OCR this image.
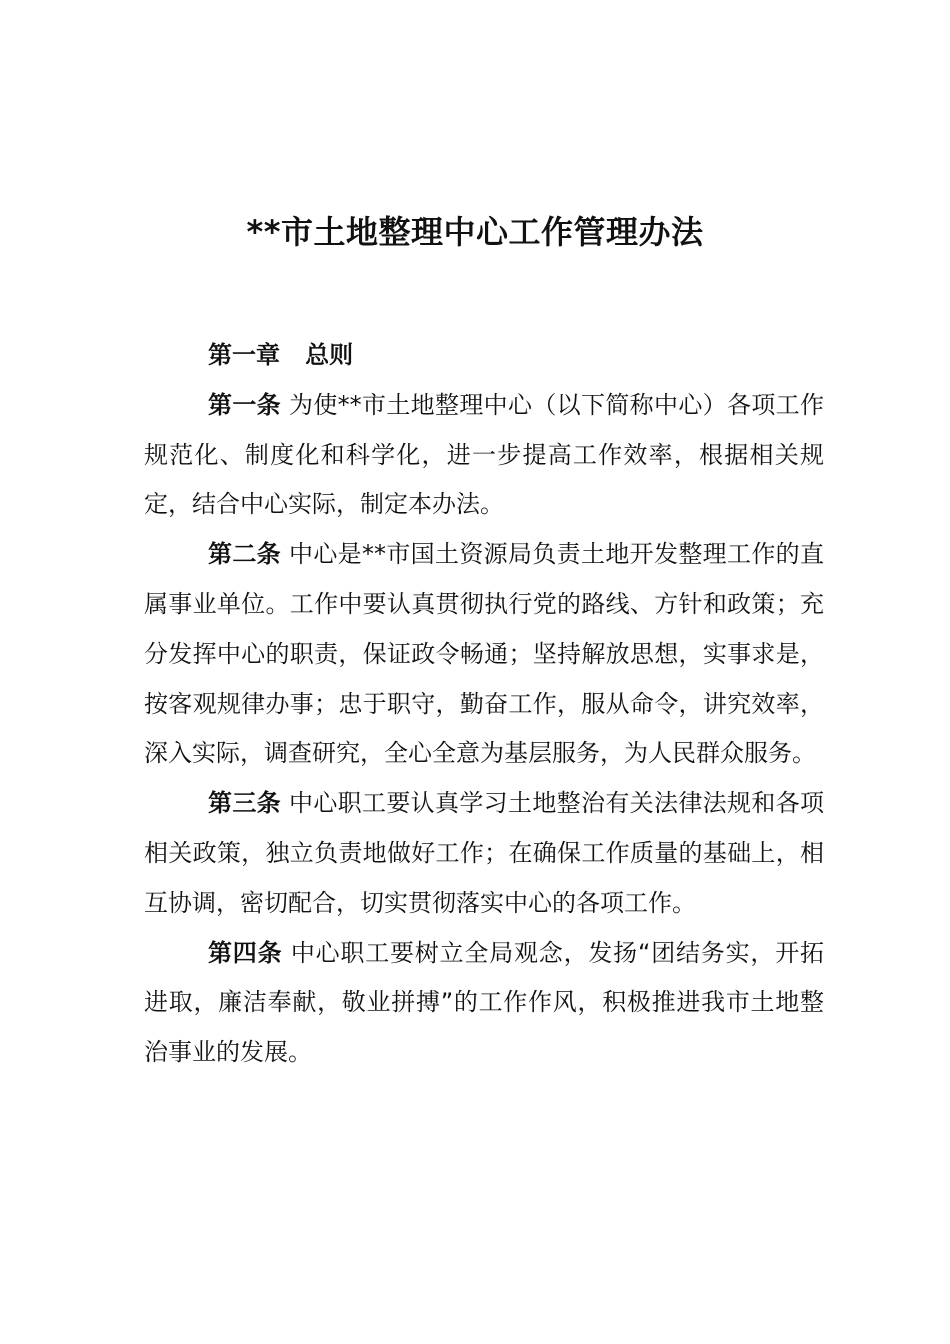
**市土地整理中心工作管理办法

第一章   总则

第一条 为使**市土地整理中心（以下简称中心）各项工作规范化、制度化和科学化，进一步提高工作效率，根据相关规定，结合中心实际，制定本办法。

第二条 中心是**市国土资源局负责土地开发整理工作的直属事业单位。工作中要认真贯彻执行党的路线、方针和政策；充分发挥中心的职责，保证政令畅通；坚持解放思想，实事求是，按客观规律办事；忠于职守，勤奋工作，服从命令，讲究效率，深入实际，调查研究，全心全意为基层服务，为人民群众服务。

第三条 中心职工要认真学习土地整治有关法律法规和各项相关政策，独立负责地做好工作；在确保工作质量的基础上，相互协调，密切配合，切实贯彻落实中心的各项工作。

第四条 中心职工要树立全局观念，发扬“团结务实，开拓进取，廉洁奉献，敬业拼搏”的工作作风，积极推进我市土地整治事业的发展。
